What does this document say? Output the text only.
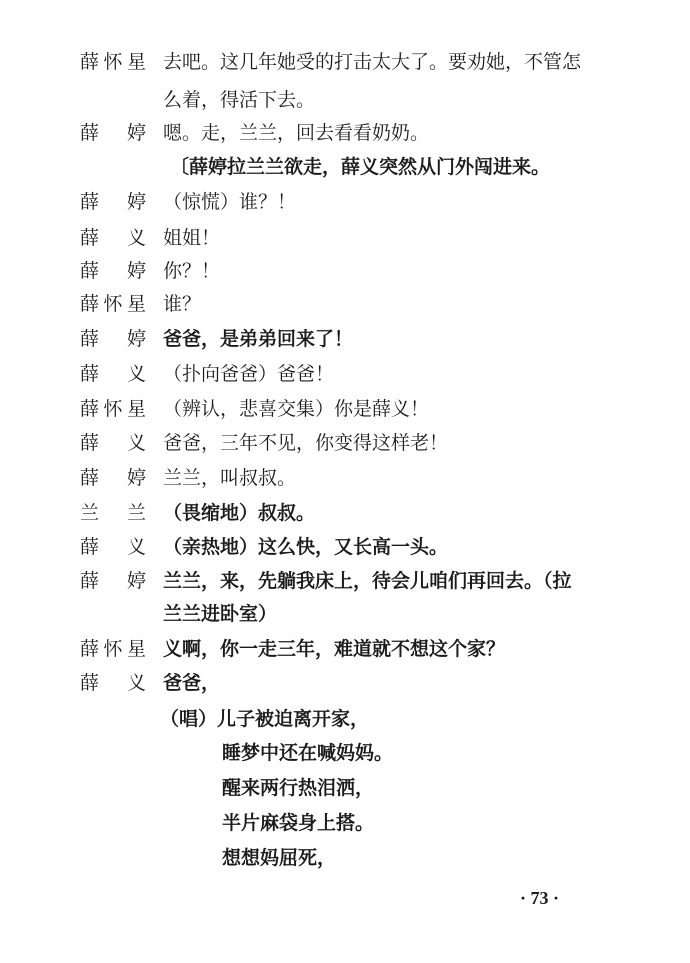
薛怀星 去吧。这几年她受的打击太大了。要劝她，不管怎
么着，得活下去。
薛婷 嗯。走，兰兰，回去看看奶奶。
〔薛婷拉兰兰欲走，薛义突然从门外闯进来。
薛婷 （惊慌）谁？！
薛义 姐姐！
薛婷 你？！
薛怀星 谁？
薛婷 爸爸，是弟弟回来了！
薛义 （扑向爸爸）爸爸！
薛怀星 （辨认，悲喜交集）你是薛义！
薛义 爸爸，三年不见，你变得这样老！
薛婷 兰兰，叫叔叔。
兰兰 （畏缩地）叔叔。
薛义 （亲热地）这么快，又长高一头。
薛婷 兰兰，来，先躺我床上，待会儿咱们再回去。（拉
兰兰进卧室）
薛怀星 义啊，你一走三年，难道就不想这个家？
薛义 爸爸，
（唱）儿子被迫离开家，
睡梦中还在喊妈妈。
醒来两行热泪洒，
半片麻袋身上搭。
想想妈屈死，
· 73 ·
